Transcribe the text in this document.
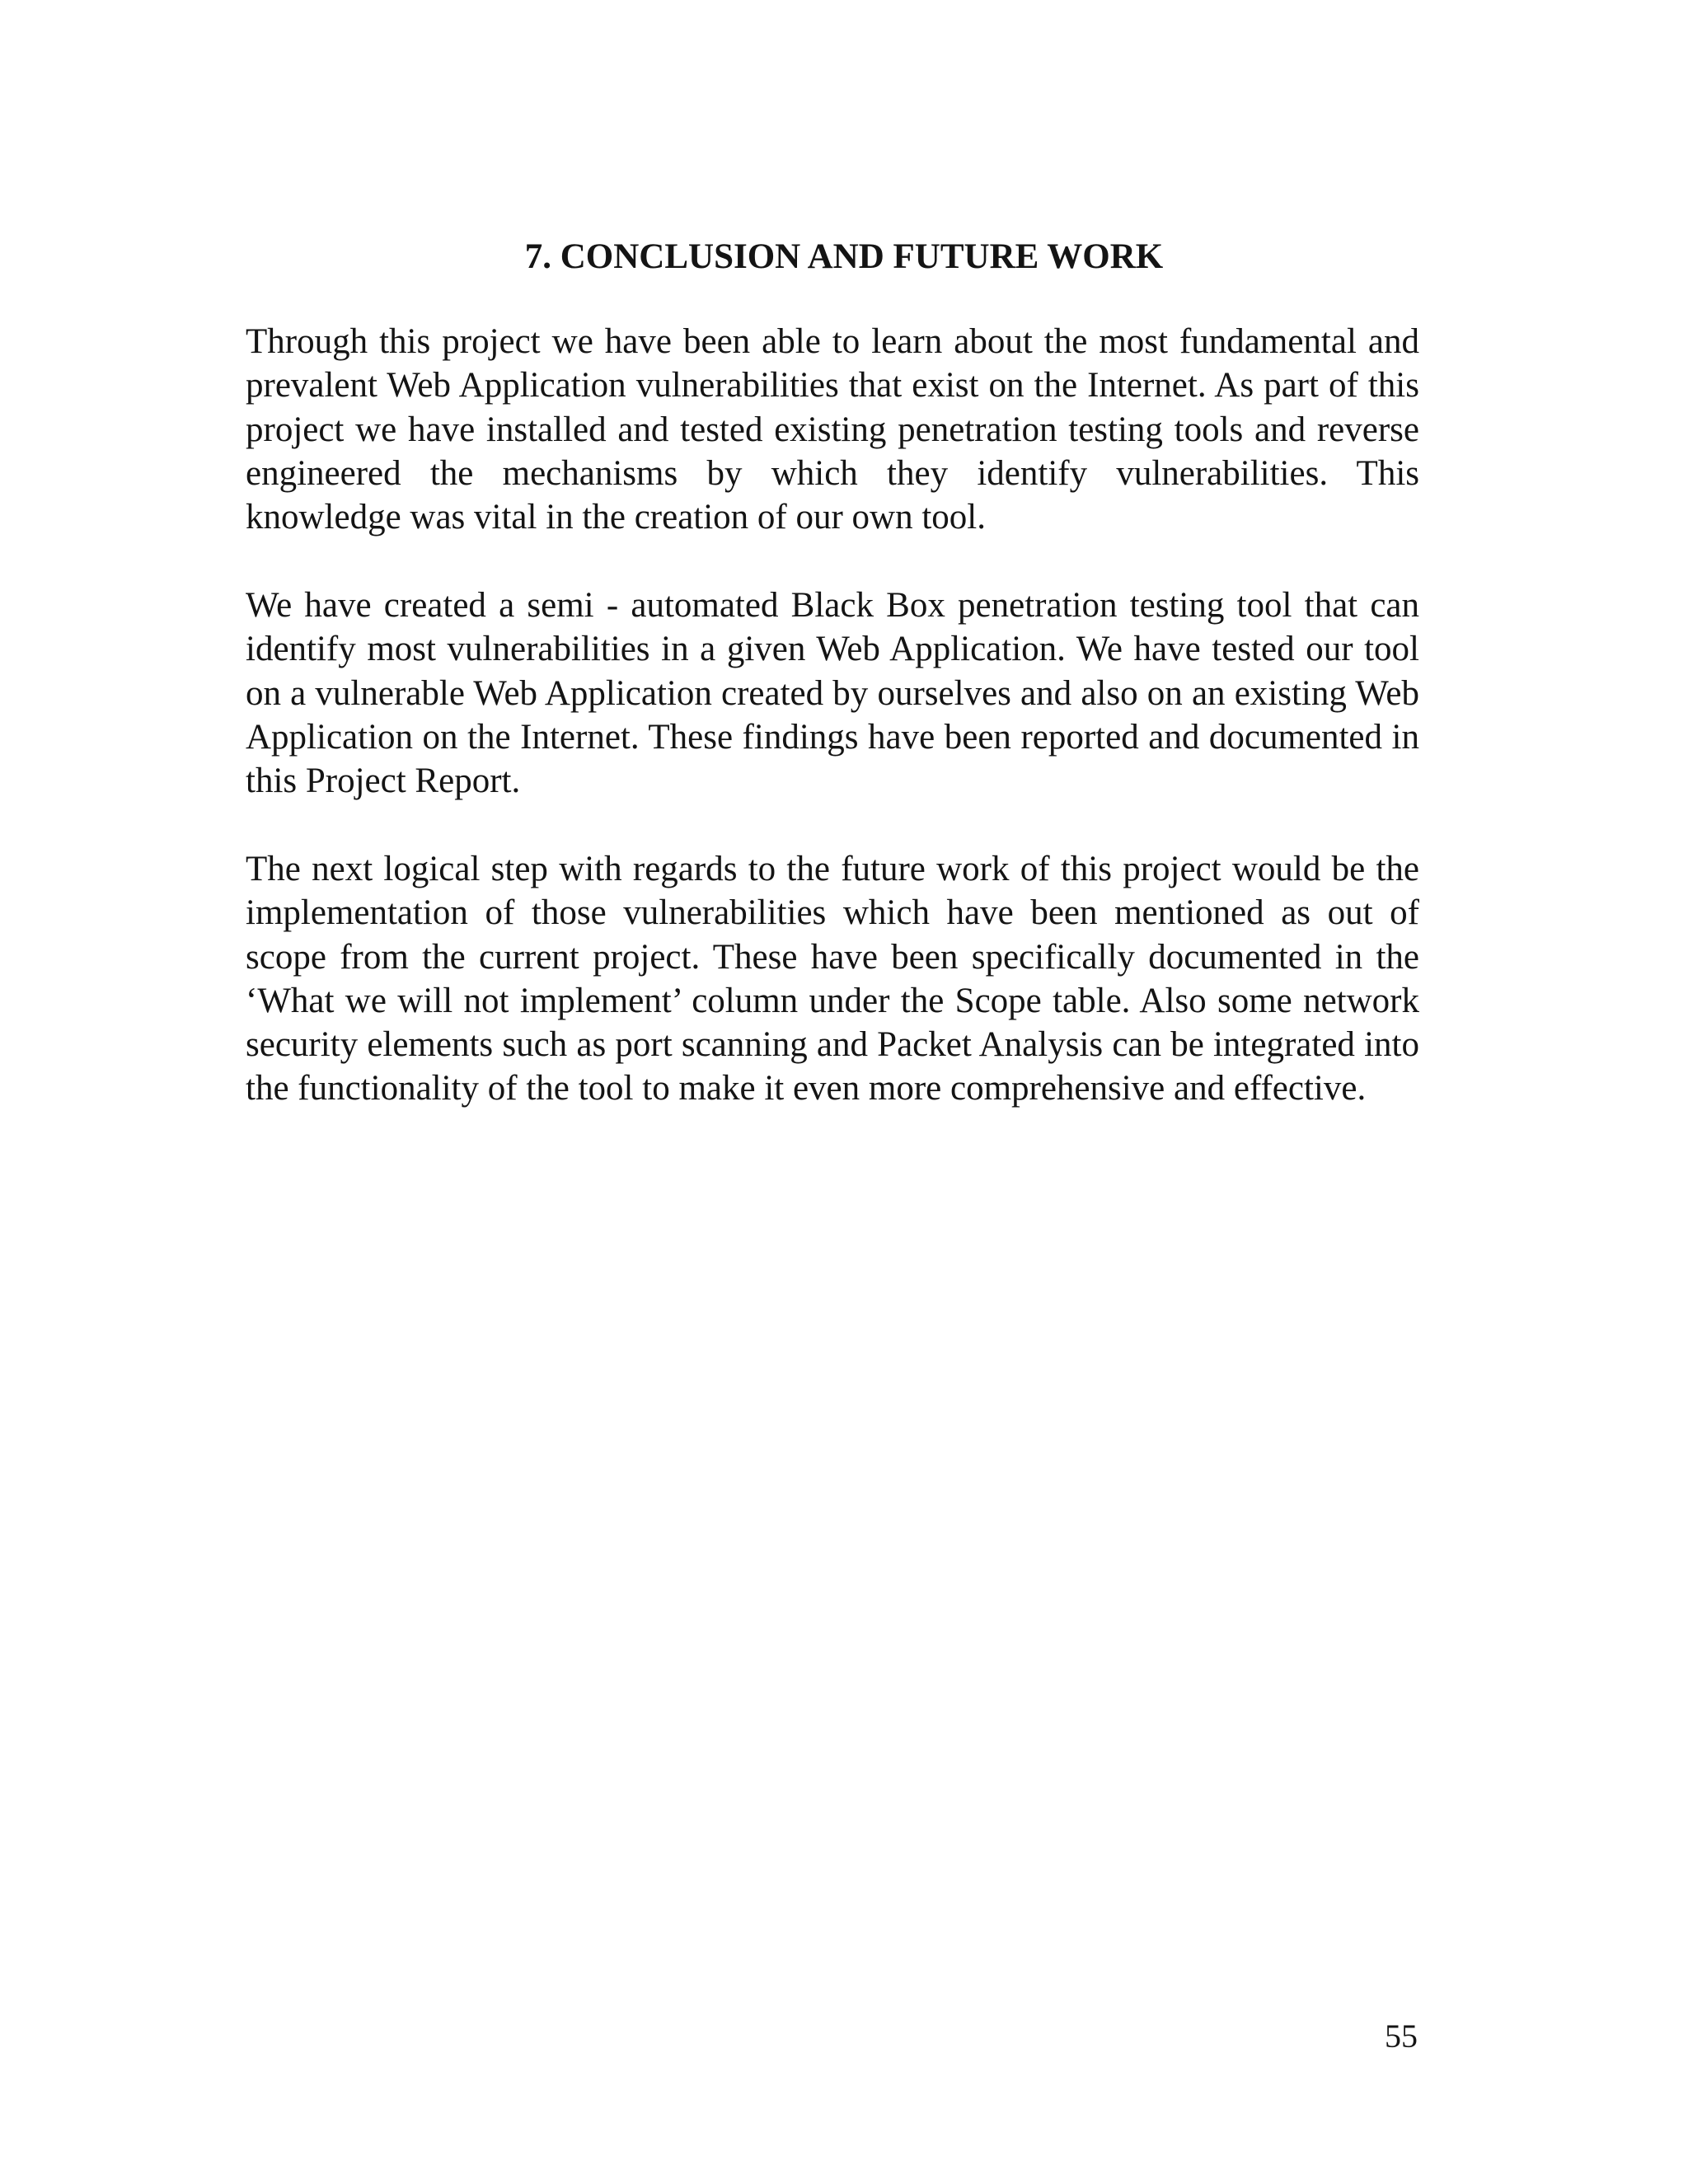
7. CONCLUSION AND FUTURE WORK

Through this project we have been able to learn about the most fundamental and prevalent Web Application vulnerabilities that exist on the Internet. As part of this project we have installed and tested existing penetration testing tools and reverse engineered the mechanisms by which they identify vulnerabilities. This knowledge was vital in the creation of our own tool.

We have created a semi - automated Black Box penetration testing tool that can identify most vulnerabilities in a given Web Application. We have tested our tool on a vulnerable Web Application created by ourselves and also on an existing Web Application on the Internet. These findings have been reported and documented in this Project Report.

The next logical step with regards to the future work of this project would be the implementation of those vulnerabilities which have been mentioned as out of scope from the current project. These have been specifically documented in the ‘What we will not implement’ column under the Scope table. Also some network security elements such as port scanning and Packet Analysis can be integrated into the functionality of the tool to make it even more comprehensive and effective.

55
